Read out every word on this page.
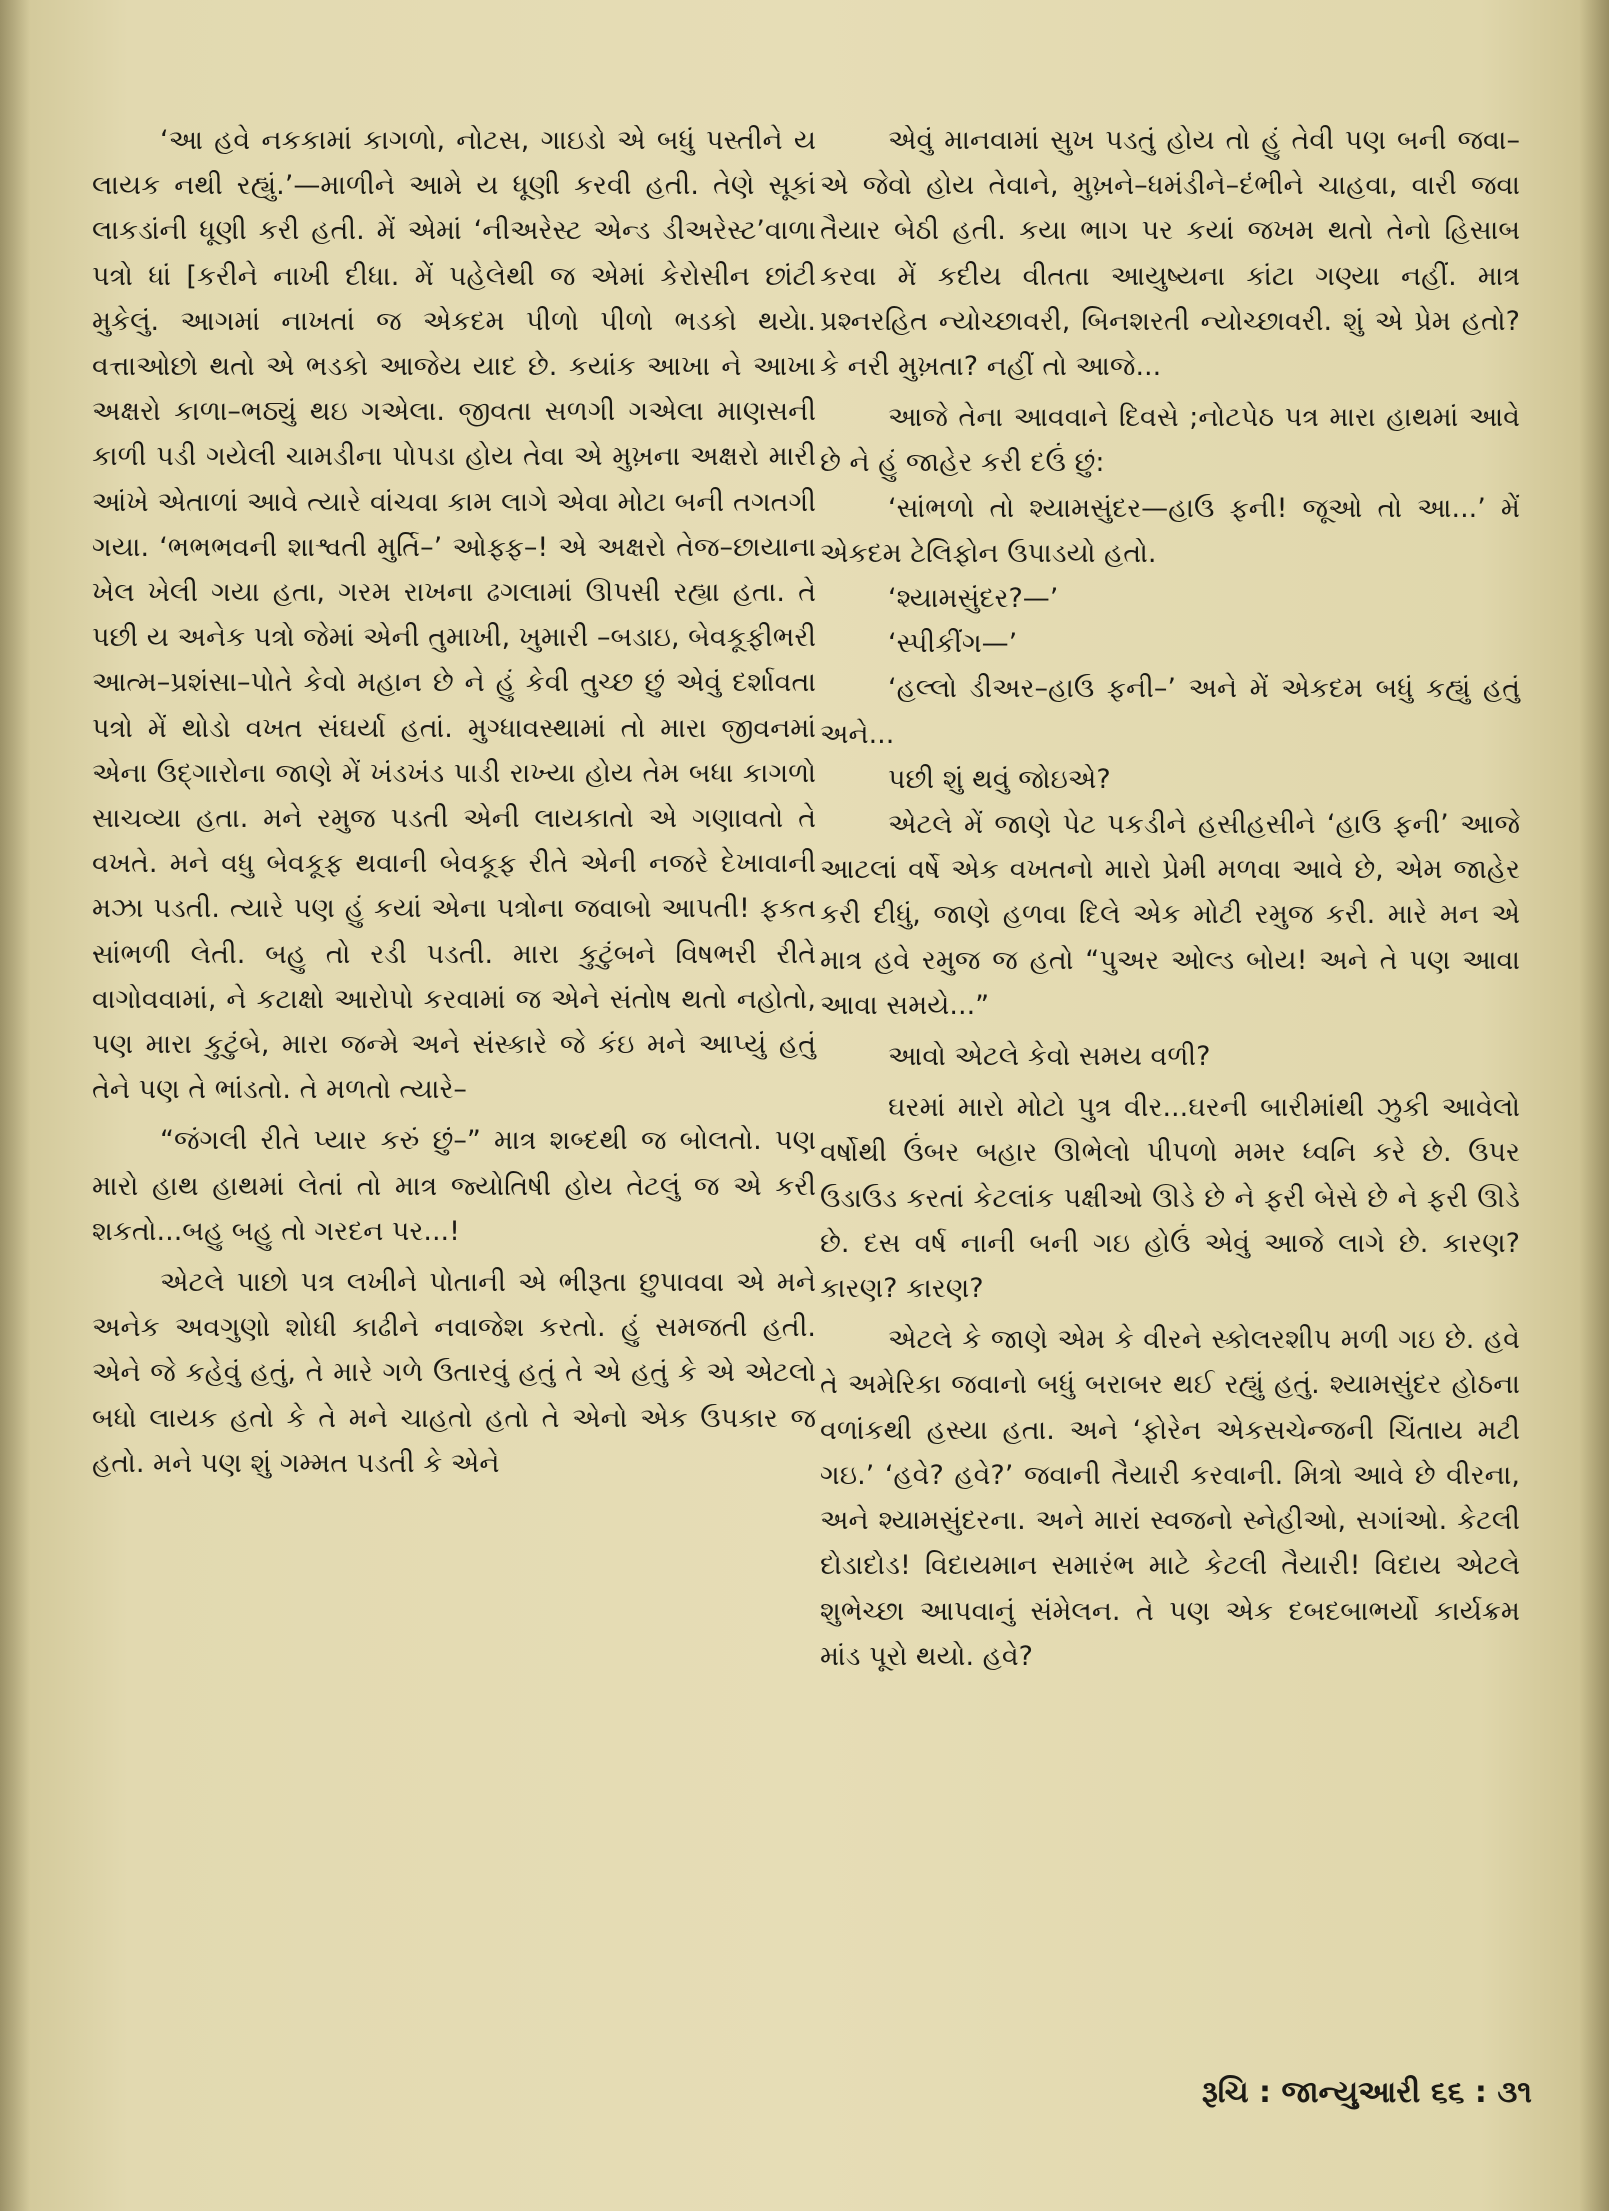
‘આ હવે નકકામાં કાગળો, નોટસ, ગાઇડો એ બધું પસ્તીને ય લાયક નથી રહ્યું.’—માળીને આમે ય ધૂણી કરવી હતી. તેણે સૂકાં લાકડાંની ધૂણી કરી હતી. મેં એમાં ‘નીઅરેસ્ટ એન્ડ ડીઅરેસ્ટ’વાળા પત્રો ધાં [કરીને નાખી દીધા. મેં પહેલેથી જ એમાં કેરોસીન છાંટી મુકેલું. આગમાં નાખતાં જ એકદમ પીળો પીળો ભડકો થયેા. વત્તાઓછો થતો એ ભડકો આજેય યાદ છે. કયાંક આખા ને આખા અક્ષરો કાળા–ભઠ્યું થઇ ગએલા. જીવતા સળગી ગએલા માણસની કાળી પડી ગયેલી ચામડીના પોપડા હોય તેવા એ મુખ઼ના અક્ષરો મારી આંખે એતાળાં આવે ત્યારે વાંચવા કામ લાગે એવા મોટા બની તગતગી ગયા. ‘ભભભવની શાશ્વતી મુર્તિ–’ ઓફ્ફ–! એ અક્ષરો તેજ–છાયાના ખેલ ખેલી ગયા હતા, ગરમ રાખના ઢગલામાં ઊપસી રહ્યા હતા. તે પછી ય અનેક પત્રો જેમાં એની તુમાખી, ખુમારી –બડાઇ, બેવકૂફીભરી આત્મ–પ્રશંસા–પોતે કેવો મહાન છે ને હું કેવી તુચ્છ છું એવું દર્શાવતા પત્રો મેં થોડો વખત સંઘર્યા હતાં. મુગ્ધાવસ્થામાં તો મારા જીવનમાં એના ઉદ્ગારોના જાણે મેં ખંડખંડ પાડી રાખ્યા હોય તેમ બધા કાગળો સાચવ્યા હતા. મને રમુજ પડતી એની લાયકાતો એ ગણાવતો તે વખતે. મને વધુ બેવકૂફ થવાની બેવકૂફ રીતે એની નજરે દેખાવાની મઝા પડતી. ત્યારે પણ હું કયાં એના પત્રોના જવાબો આપતી! ફકત સાંભળી લેતી. બહુ તો રડી પડતી. મારા કુટુંબને વિષભરી રીતે વાગોવવામાં, ને કટાક્ષો આરોપો કરવામાં જ એને સંતોષ થતો નહોતો, પણ મારા કુટુંબે, મારા જન્મે અને સંસ્કારે જે કંઇ મને આપ્યું હતું તેને પણ તે ભાંડતો. તે મળતો ત્યારે–

“જંગલી રીતે પ્યાર કરું છું–” માત્ર શબ્દથી જ બોલતો. પણ મારો હાથ હાથમાં લેતાં તો માત્ર જ્યોતિષી હોય તેટલું જ એ કરી શકતો...બહુ બહુ તો ગરદન પર...!

એટલે પાછો પત્ર લખીને પોતાની એ ભીરૂતા છુપાવવા એ મને અનેક અવગુણો શોધી કાઢીને નવાજેશ કરતો. હું સમજતી હતી. એને જે કહેવું હતું, તે મારે ગળે ઉતારવું હતું તે એ હતું કે એ એટલો બધો લાયક હતો કે તે મને ચાહતો હતો તે એનો એક ઉપકાર જ હતો. મને પણ શું ગમ્મત પડતી કે એને

એવું માનવામાં સુખ પડતું હોય તો હું તેવી પણ બની જવા–એ જેવો હોય તેવાને, મુખ઼ને–ધમંડીને–દંભીને ચાહવા, વારી જવા તૈયાર બેઠી હતી. કયા ભાગ પર કયાં જખમ થતો તેનો હિસાબ કરવા મેં કદીય વીતતા આયુષ્યના કાંટા ગણ્યા નહીં. માત્ર પ્રશ્નરહિત ન્યોચ્છાવરી, બિનશરતી ન્યોચ્છાવરી. શું એ પ્રેમ હતો? કે નરી મુખ઼તા? નહીં તો આજે...

આજે તેના આવવાને દિવસે ;નોટપેઠ પત્ર મારા હાથમાં આવે છે ને હું જાહેર કરી દઉં છું:

‘સાંભળો તો શ્યામસુંદર—હાઉ ફની! જૂઓ તો આ...’ મેં એકદમ ટેલિફોન ઉપાડયો હતો.

‘શ્યામસુંદર?—’

‘સ્પીકીંગ—’

‘હલ્લો ડીઅર–હાઉ ફની–’ અને મેં એકદમ બધું કહ્યું હતું અને...

પછી શું થવું જોઇએ?

એટલે મેં જાણે પેટ પકડીને હસીહસીને ‘હાઉ ફની’ આજે આટલાં વર્ષે એક વખતનો મારો પ્રેમી મળવા આવે છે, એમ જાહેર કરી દીધું, જાણે હળવા દિલે એક મોટી રમુજ કરી. મારે મન એ માત્ર હવે રમુજ જ હતો “પુઅર ઓલ્ડ બોય! અને તે પણ આવા આવા સમયે...”

આવો એટલે કેવો સમય વળી?

ઘરમાં મારો મોટો પુત્ર વીર...ઘરની બારીમાંથી ઝુકી આવેલો વર્ષોથી ઉંબર બહાર ઊભેલો પીપળો મમર ધ્વનિ કરે છે. ઉપર ઉડાઉડ કરતાં કેટલાંક પક્ષીઓ ઊડે છે ને ફરી બેસે છે ને ફરી ઊડે છે. દસ વર્ષ નાની બની ગઇ હોઉં એવું આજે લાગે છે. કારણ? કારણ? કારણ?

એટલે કે જાણે એમ કે વીરને સ્કોલરશીપ મળી ગઇ છે. હવે તે અમેરિકા જવાનો બધું બરાબર થઈ રહ્યું હતું. શ્યામસુંદર હોઠના વળાંકથી હસ્યા હતા. અને ‘ફોરેન એકસચેન્જની ચિંતાય મટી ગઇ.’ ‘હવે? હવે?’ જવાની તૈયારી કરવાની. મિત્રો આવે છે વીરના, અને શ્યામસુંદરના. અને મારાં સ્વજનો સ્નેહીઓ, સગાંઓ. કેટલી દોડાદોડ! વિદાયમાન સમારંભ માટે કેટલી તૈયારી! વિદાય એટલે શુભેચ્છા આપવાનું સંમેલન. તે પણ એક દબદબાભર્યો કાર્યક્રમ માંડ પૂરો થયો. હવે?

રૂચિ : જાન્યુઆરી ૬૬ : ૩૧
